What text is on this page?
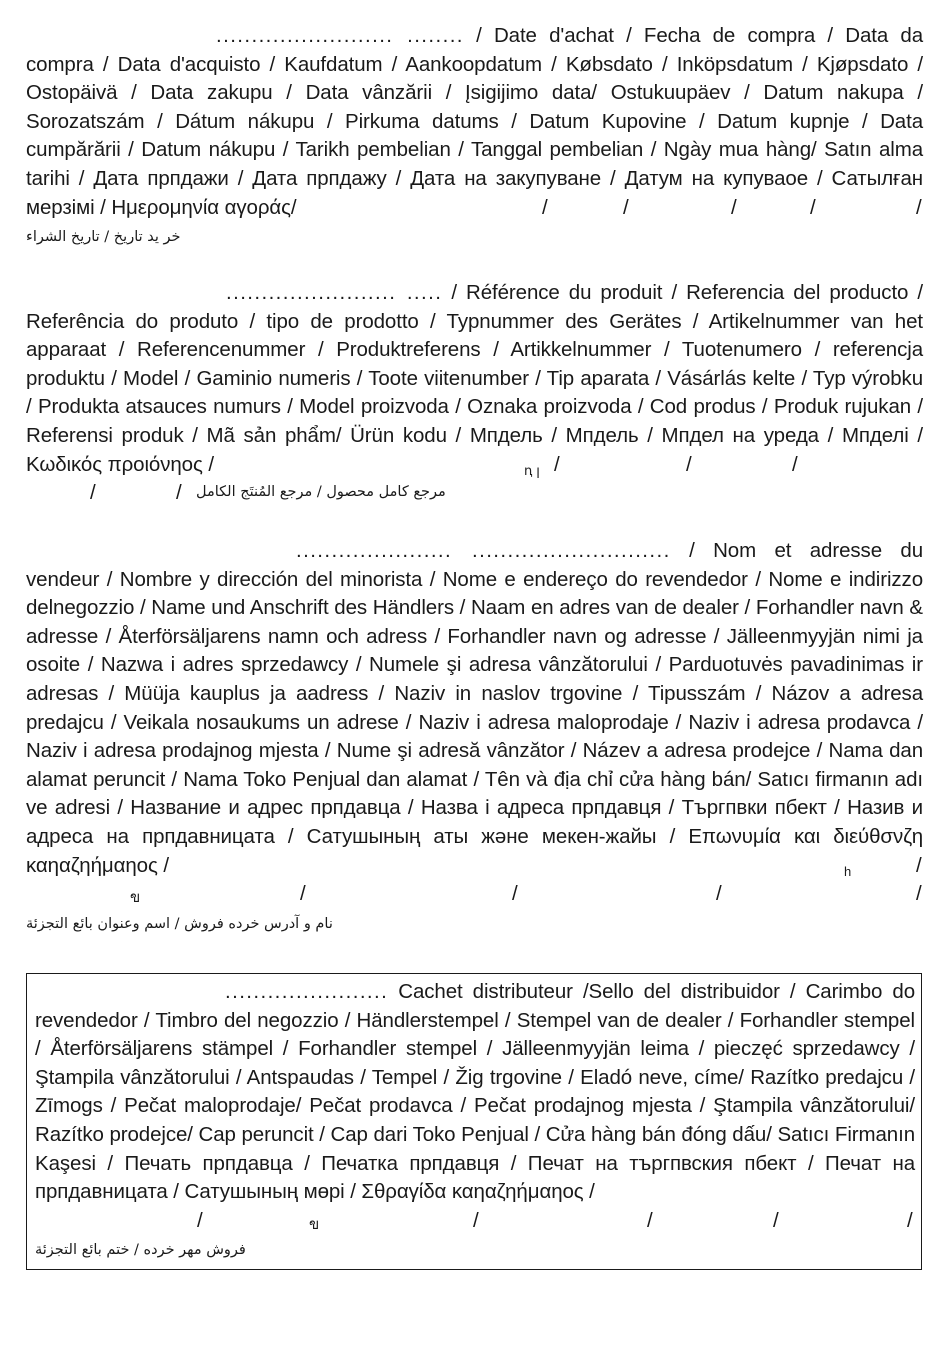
......................... ........ / Date d'achat / Fecha de compra / Data da compra / Data d'acquisto / Kaufdatum / Aankoopdatum / Købsdato / Inköpsdatum / Kjøpsdato / Ostopäivä / Data zakupu / Data vânzării / Įsigijimo data/ Ostukuupäev / Datum nakupa / Sorozatszám / Dátum nákupu / Pirkuma datums / Datum Kupovine / Datum kupnje / Data cumpărării / Datum nákupu / Tarikh pembelian / Tanggal pembelian / Ngày mua hàng/ Satın alma tarihi / Дата прпдажи / Дата прпдажу / Дата на закупуване / Датум на купуваое / Сатылған мерзімі / Ημερομηνία αγοράς/	/	/	/	/	/
خر يد تاريخ / تاريخ الشراء

........................ ..... / Référence du produit / Referencia del producto / Referência do produto / tipo de prodotto / Typnummer des Gerätes / Artikelnummer van het apparaat / Referencenummer / Produktreferens / Artikkelnummer / Tuotenumero / referencja produktu / Model / Gaminio numeris / Toote viitenumber / Tip aparata / Vásárlás kelte / Typ výrobku / Produkta atsauces numurs / Model proizvoda / Oznaka proizvoda / Cod produs / Produk rujukan / Referensi produk / Mã sản phẩm/ Ürün kodu / Мпдель / Мпдель / Мпдел на уреда / Мпделі / Κωδικός προιόνηος /	ꞑ ꞁ /	/	/
/	/ مرجع كامل محصول / مرجع المُنتَج الكامل

...................... ............................ / Nom et adresse du vendeur / Nombre y dirección del minorista / Nome e endereço do revendedor / Nome e indirizzo delnegozzio / Name und Anschrift des Händlers / Naam en adres van de dealer / Forhandler navn & adresse / Återförsäljarens namn och adress / Forhandler navn og adresse / Jälleenmyyjän nimi ja osoite / Nazwa i adres sprzedawcy / Numele şi adresa vânzătorului / Parduotuvės pavadinimas ir adresas / Müüja kauplus ja aadress / Naziv in naslov trgovine / Tipusszám / Názov a adresa predajcu / Veikala nosaukums un adrese / Naziv i adresa maloprodaje / Naziv i adresa prodavca / Naziv i adresa prodajnog mjesta / Nume şi adresă vânzător / Název a adresa prodejce / Nama dan alamat peruncit / Nama Toko Penjual dan alamat / Tên và địa chỉ cửa hàng bán/ Satıcı firmanın adı ve adresi / Название и адрес прпдавца / Назва і адреса прпдавця / Търгпвки пбект / Назив и адреса на прпдавницата / Сатушының аты және мекен-жайы / Επωνυμία και διεύθσνζη καηαζηήμαηος /	h	/
ข	/	/	/	/
نام و آدرس خرده فروش / اسم وعنوان بائع التجزئة

....................... Cachet distributeur /Sello del distribuidor / Carimbo do revendedor / Timbro del negozzio / Händlerstempel / Stempel van de dealer / Forhandler stempel / Återförsäljarens stämpel / Forhandler stempel / Jälleenmyyjän leima / pieczęć sprzedawcy / Ştampila vânzătorului / Antspaudas / Tempel / Žig trgovine / Eladó neve, címe/ Razítko predajcu / Zīmogs / Pečat maloprodaje/ Pečat prodavca / Pečat prodajnog mjesta / Ştampila vânzătorului/ Razítko prodejce/ Cap peruncit / Cap dari Toko Penjual / Cửa hàng bán đóng dấu/ Satıcı Firmanın Kaşesi / Печать прпдавца / Печатка прпдавця / Печат на търгпвския пбект / Печат на прпдавницата / Сатушының мөрі / Σθραγίδα καηαζηήμαηος /

/	ข	/	/	/	/
فروش مهر خرده / ختم بائع التجزئة
